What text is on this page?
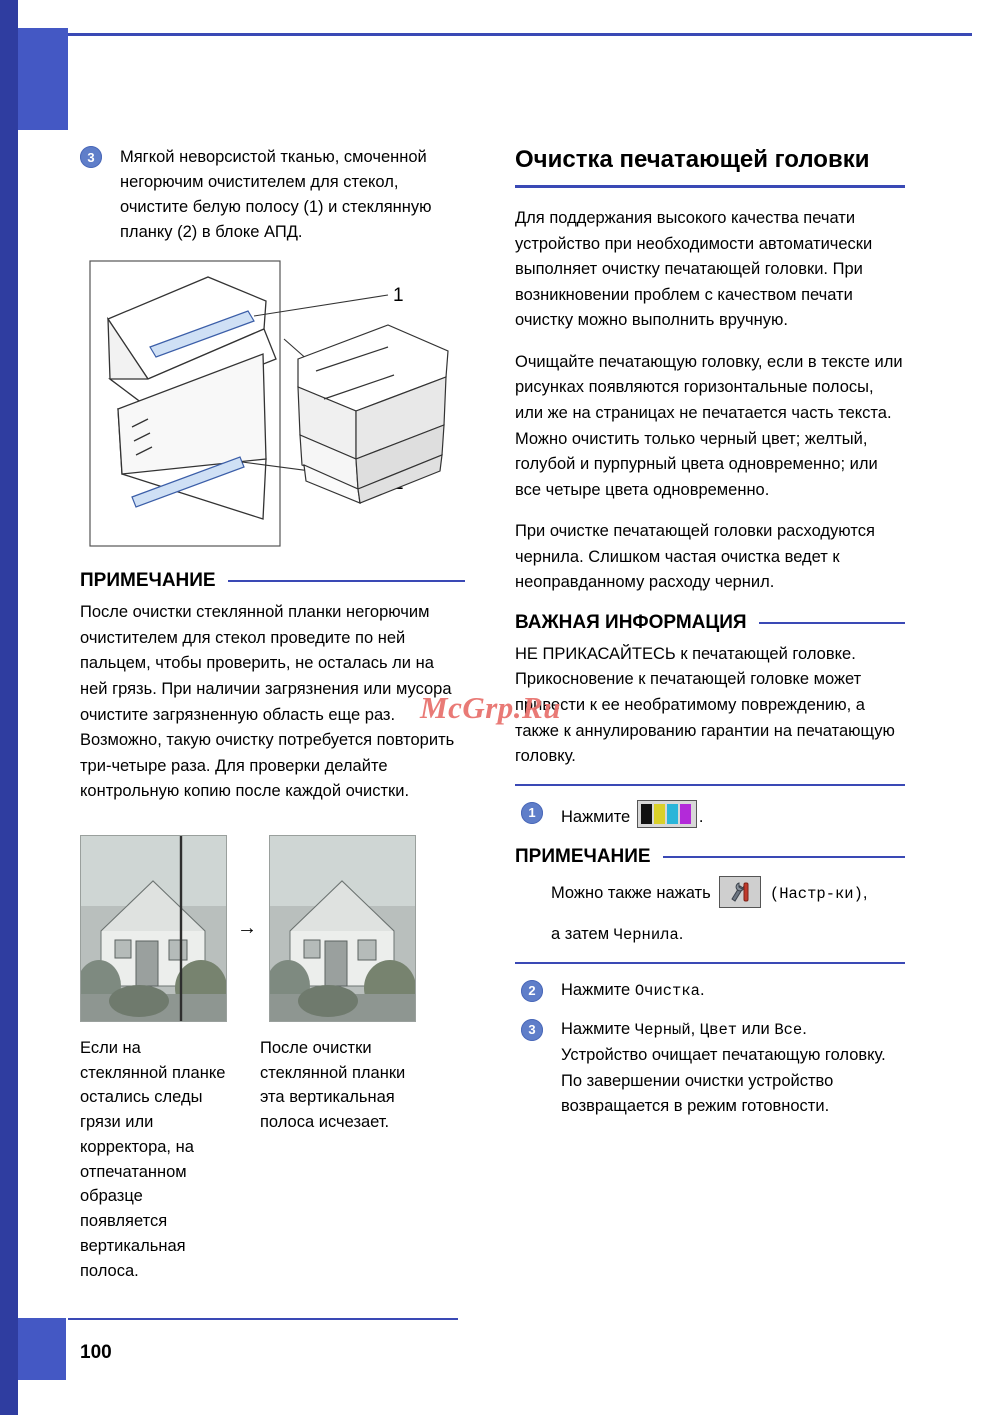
3	Мягкой неворсистой тканью, смоченной негорючим очистителем для стекол, очистите белую полосу (1) и стеклянную планку (2) в блоке АПД.

1
ПРИМЕЧАНИЕ

После очистки стеклянной планки негорючим очистителем для стекол проведите по ней пальцем, чтобы проверить, не осталась ли на ней грязь. При наличии загрязнения или мусора очистите загрязненную область еще раз. Возможно, такую очистку потребуется повторить три-четыре раза. Для проверки делайте контрольную копию после каждой очистки.

→
Если на стеклянной планке остались следы грязи или корректора, на отпечатанном образце появляется вертикальная полоса.
После очистки стеклянной планки эта вертикальная полоса исчезает.
Очистка печатающей головки

Для поддержания высокого качества печати устройство при необходимости автоматически выполняет очистку печатающей головки. При возникновении проблем с качеством печати очистку можно выполнить вручную.

Очищайте печатающую головку, если в тексте или рисунках появляются горизонтальные полосы, или же на страницах не печатается часть текста. Можно очистить только черный цвет; желтый, голубой и пурпурный цвета одновременно; или все четыре цвета одновременно.

При очистке печатающей головки расходуются чернила. Слишком частая очистка ведет к неоправданному расходу чернил.

ВАЖНАЯ ИНФОРМАЦИЯ

НЕ ПРИКАСАЙТЕСЬ к печатающей головке. Прикосновение к печатающей головке может привести к ее необратимому повреждению, а также к аннулированию гарантии на печатающую головку.

1	Нажмите	.
ПРИМЕЧАНИЕ

Можно также нажать	(Настр-ки),

а затем Чернила.

2	Нажмите Очистка.
3	Нажмите Черный, Цвет или Все.
Устройство очищает печатающую головку.
По завершении очистки устройство возвращается в режим готовности.
McGrp.Ru
100
